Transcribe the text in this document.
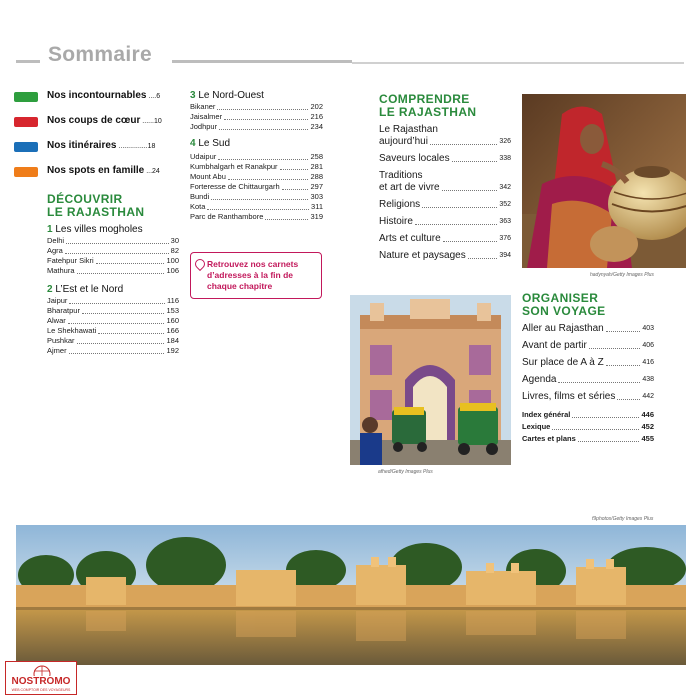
Sommaire
Nos incontournables ....6
Nos coups de cœur ......10
Nos itinéraires ...............18
Nos spots en famille ...24
DÉCOUVRIR
LE RAJASTHAN
1 Les villes mogholes
Delhi	30
Agra	82
Fatehpur Sikri	100
Mathura	106
2 L’Est et le Nord
Jaipur	116
Bharatpur	153
Alwar	160
Le Shekhawati	166
Pushkar	184
Ajmer	192
3 Le Nord-Ouest
Bikaner	202
Jaisalmer	216
Jodhpur	234
4 Le Sud
Udaipur	258
Kumbhalgarh et Ranakpur	281
Mount Abu	288
Forteresse de Chittaurgarh	297
Bundi	303
Kota	311
Parc de Ranthambore	319
Retrouvez nos carnets d’adresses à la fin de chaque chapitre
COMPRENDRE
LE RAJASTHAN
Le Rajasthan
aujourd’hui	326
Saveurs locales	338
Traditions
et art de vivre	342
Religions	352
Histoire	363
Arts et culture	376
Nature et paysages	394
ORGANISER
SON VOYAGE
Aller au Rajasthan	403
Avant de partir	406
Sur place de A à Z	416
Agenda	438
Livres, films et séries	442
Index général	446
Lexique	452
Cartes et plans	455
hadynyah/Getty Images Plus
afhed/Getty Images Plus
f9photos/Getty Images Plus
NOSTROMO
WEB COMPTOIR DES VOYAGEURS
